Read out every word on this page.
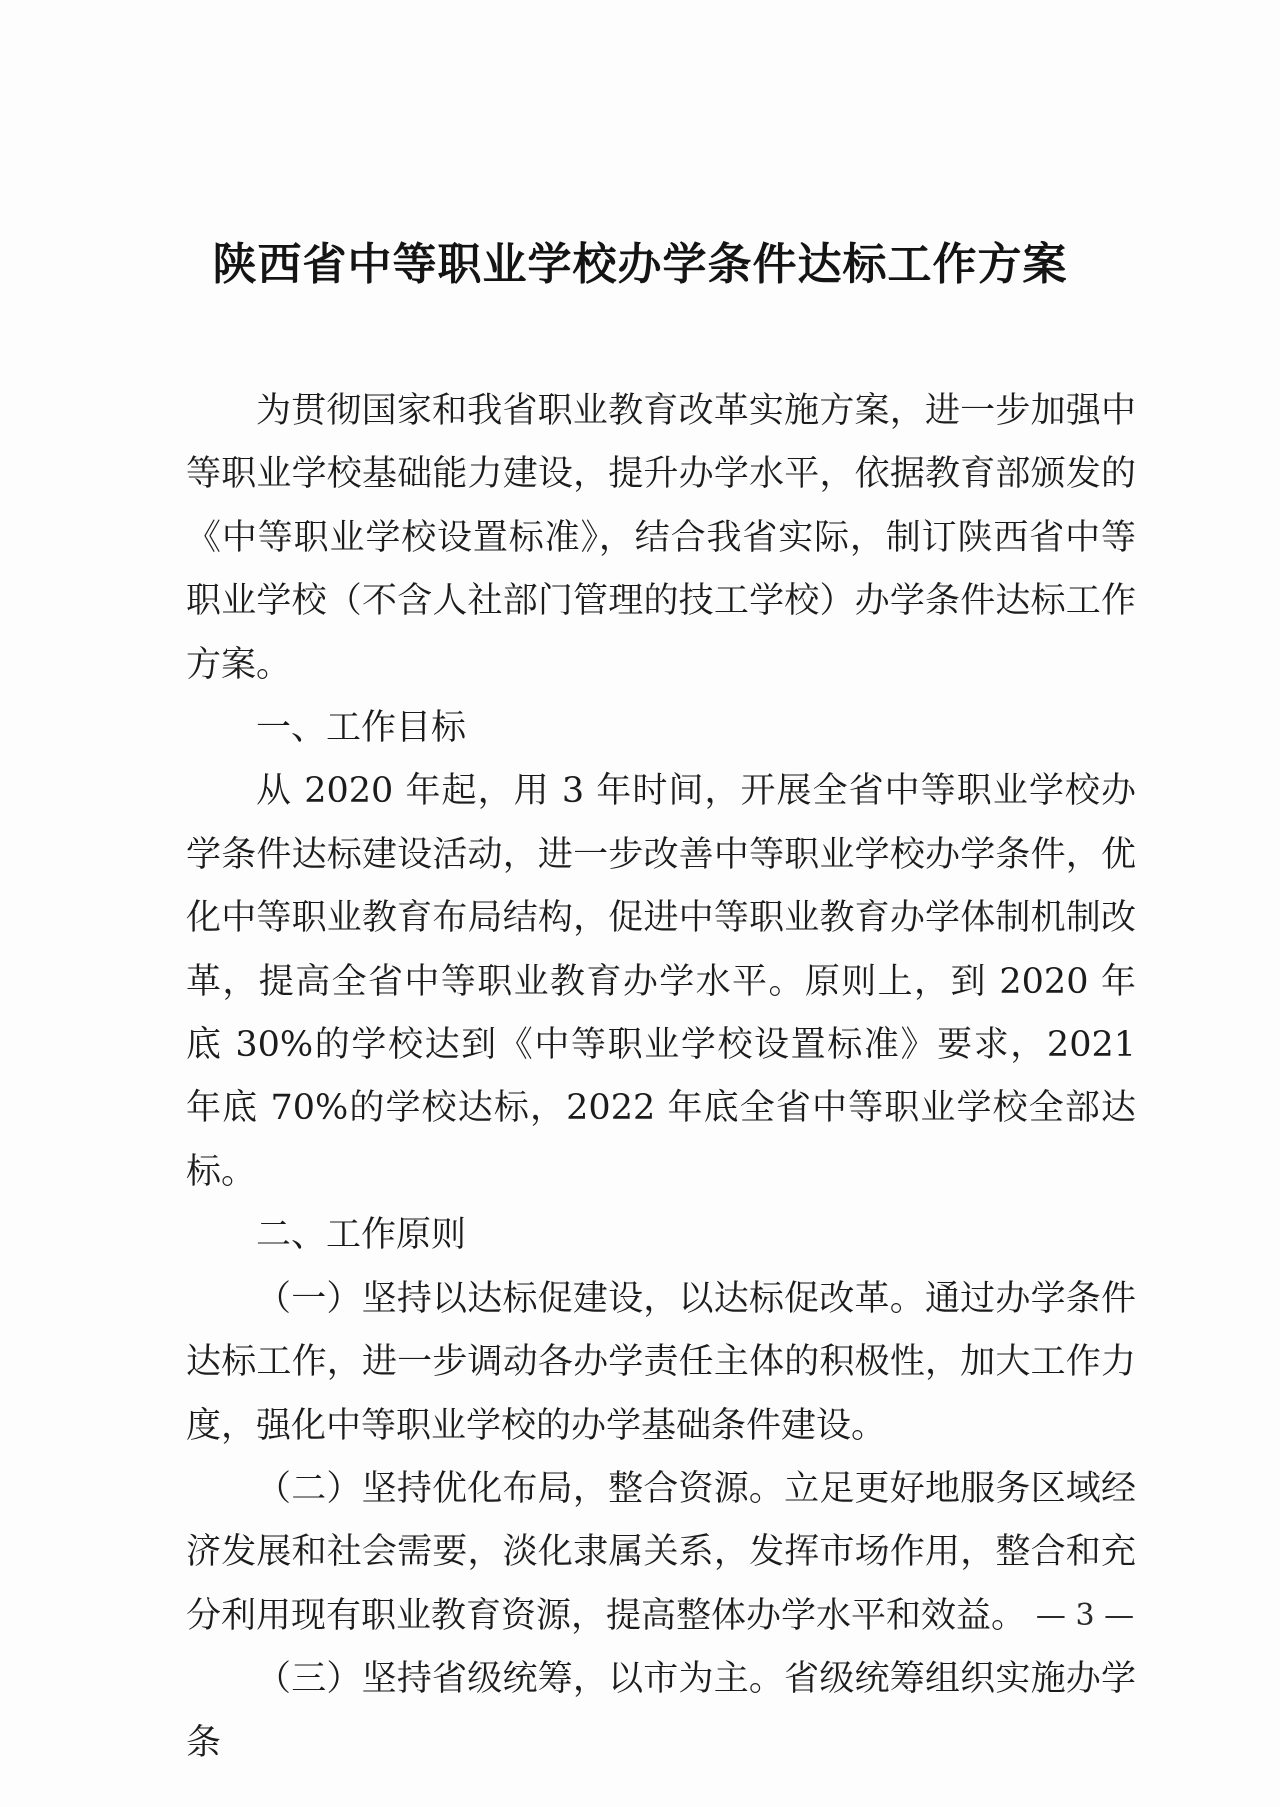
陕西省中等职业学校办学条件达标工作方案

为贯彻国家和我省职业教育改革实施方案，进一步加强中等职业学校基础能力建设，提升办学水平，依据教育部颁发的《中等职业学校设置标准》，结合我省实际，制订陕西省中等职业学校（不含人社部门管理的技工学校）办学条件达标工作方案。

一、工作目标

从 2020 年起，用 3 年时间，开展全省中等职业学校办学条件达标建设活动，进一步改善中等职业学校办学条件，优化中等职业教育布局结构，促进中等职业教育办学体制机制改革，提高全省中等职业教育办学水平。原则上，到 2020 年底 30%的学校达到《中等职业学校设置标准》要求，2021 年底 70%的学校达标，2022 年底全省中等职业学校全部达标。

二、工作原则

（一）坚持以达标促建设，以达标促改革。通过办学条件达标工作，进一步调动各办学责任主体的积极性，加大工作力度，强化中等职业学校的办学基础条件建设。

（二）坚持优化布局，整合资源。立足更好地服务区域经济发展和社会需要，淡化隶属关系，发挥市场作用，整合和充分利用现有职业教育资源，提高整体办学水平和效益。

（三）坚持省级统筹，以市为主。省级统筹组织实施办学条

— 3 —
